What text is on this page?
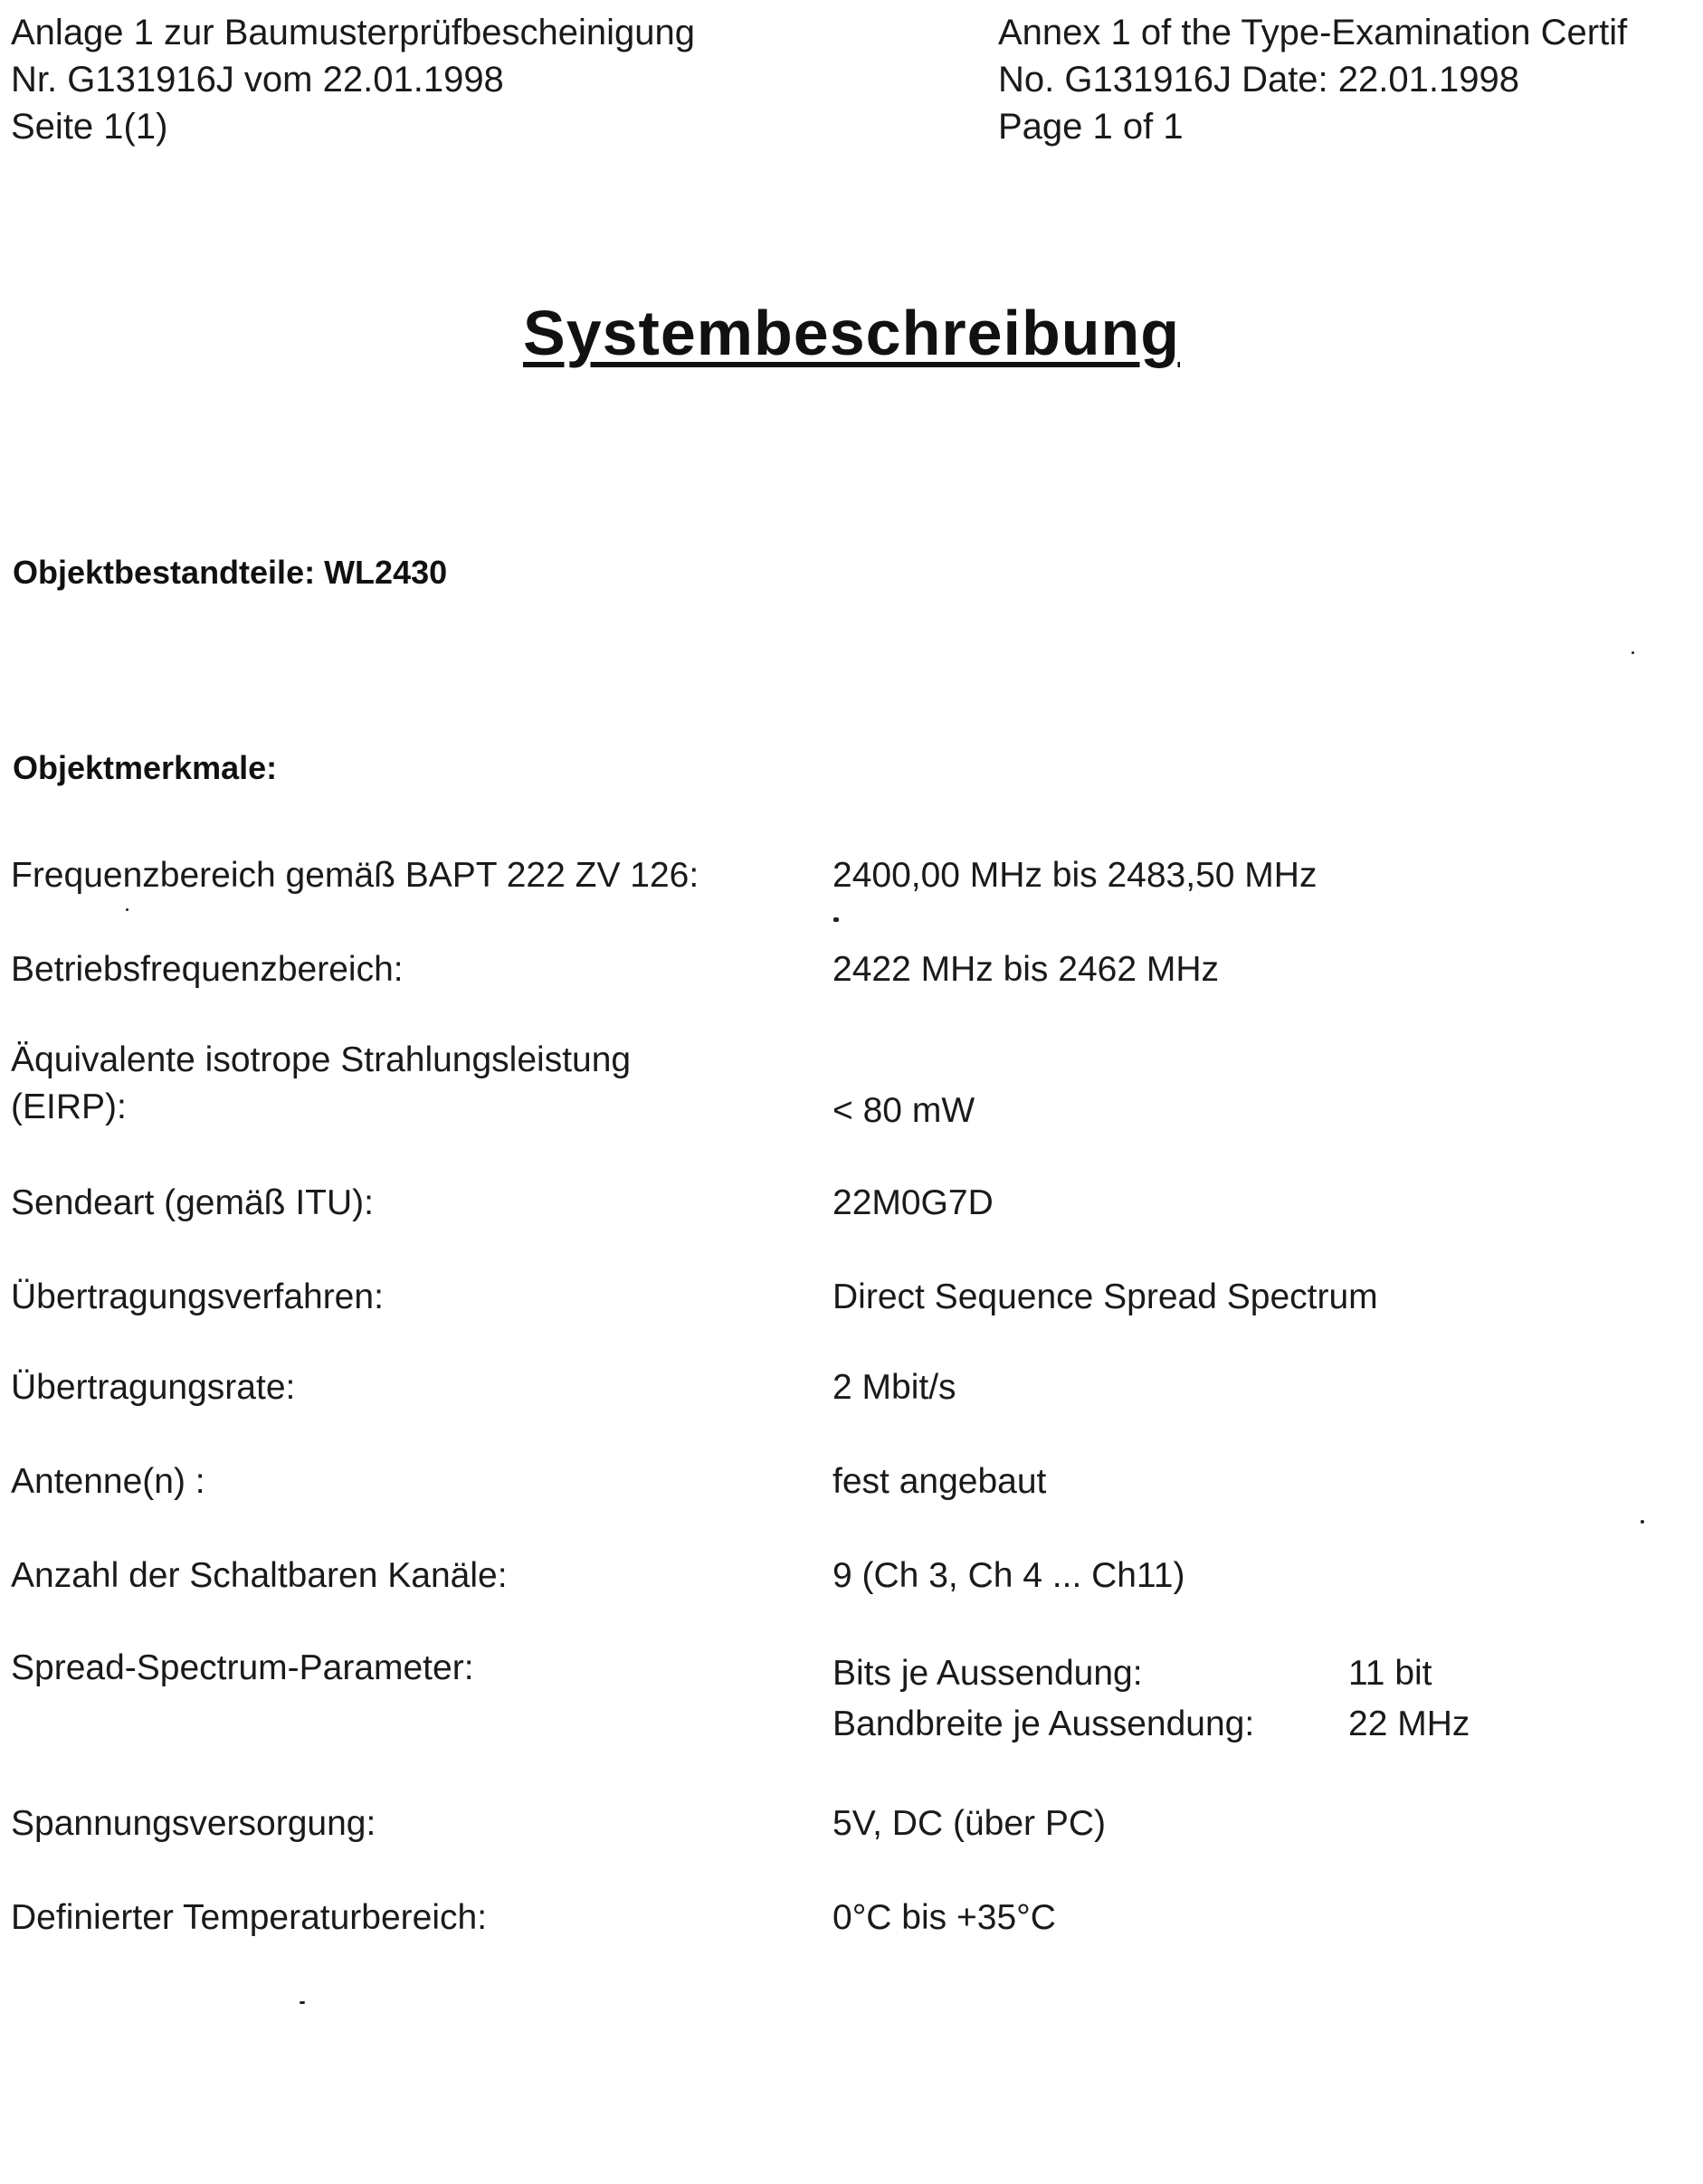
Anlage 1 zur Baumusterprüfbescheinigung
Nr. G131916J vom 22.01.1998
Seite 1(1)
Annex 1 of the Type-Examination Certif
No. G131916J Date: 22.01.1998
Page 1 of 1
Systembeschreibung
Objektbestandteile: WL2430
Objektmerkmale:
Frequenzbereich gemäß BAPT 222 ZV 126:	2400,00 MHz bis 2483,50 MHz
Betriebsfrequenzbereich:	2422 MHz bis 2462 MHz
Äquivalente isotrope Strahlungsleistung
(EIRP):	< 80 mW
Sendeart (gemäß ITU):	22M0G7D
Übertragungsverfahren:	Direct Sequence Spread Spectrum
Übertragungsrate:	2 Mbit/s
Antenne(n) :	fest angebaut
Anzahl der Schaltbaren Kanäle:	9 (Ch 3, Ch 4 ... Ch11)
Spread-Spectrum-Parameter:	Bits je Aussendung:	11 bit
Bandbreite je Aussendung:	22 MHz
Spannungsversorgung:	5V, DC (über PC)
Definierter Temperaturbereich:	0°C bis +35°C
